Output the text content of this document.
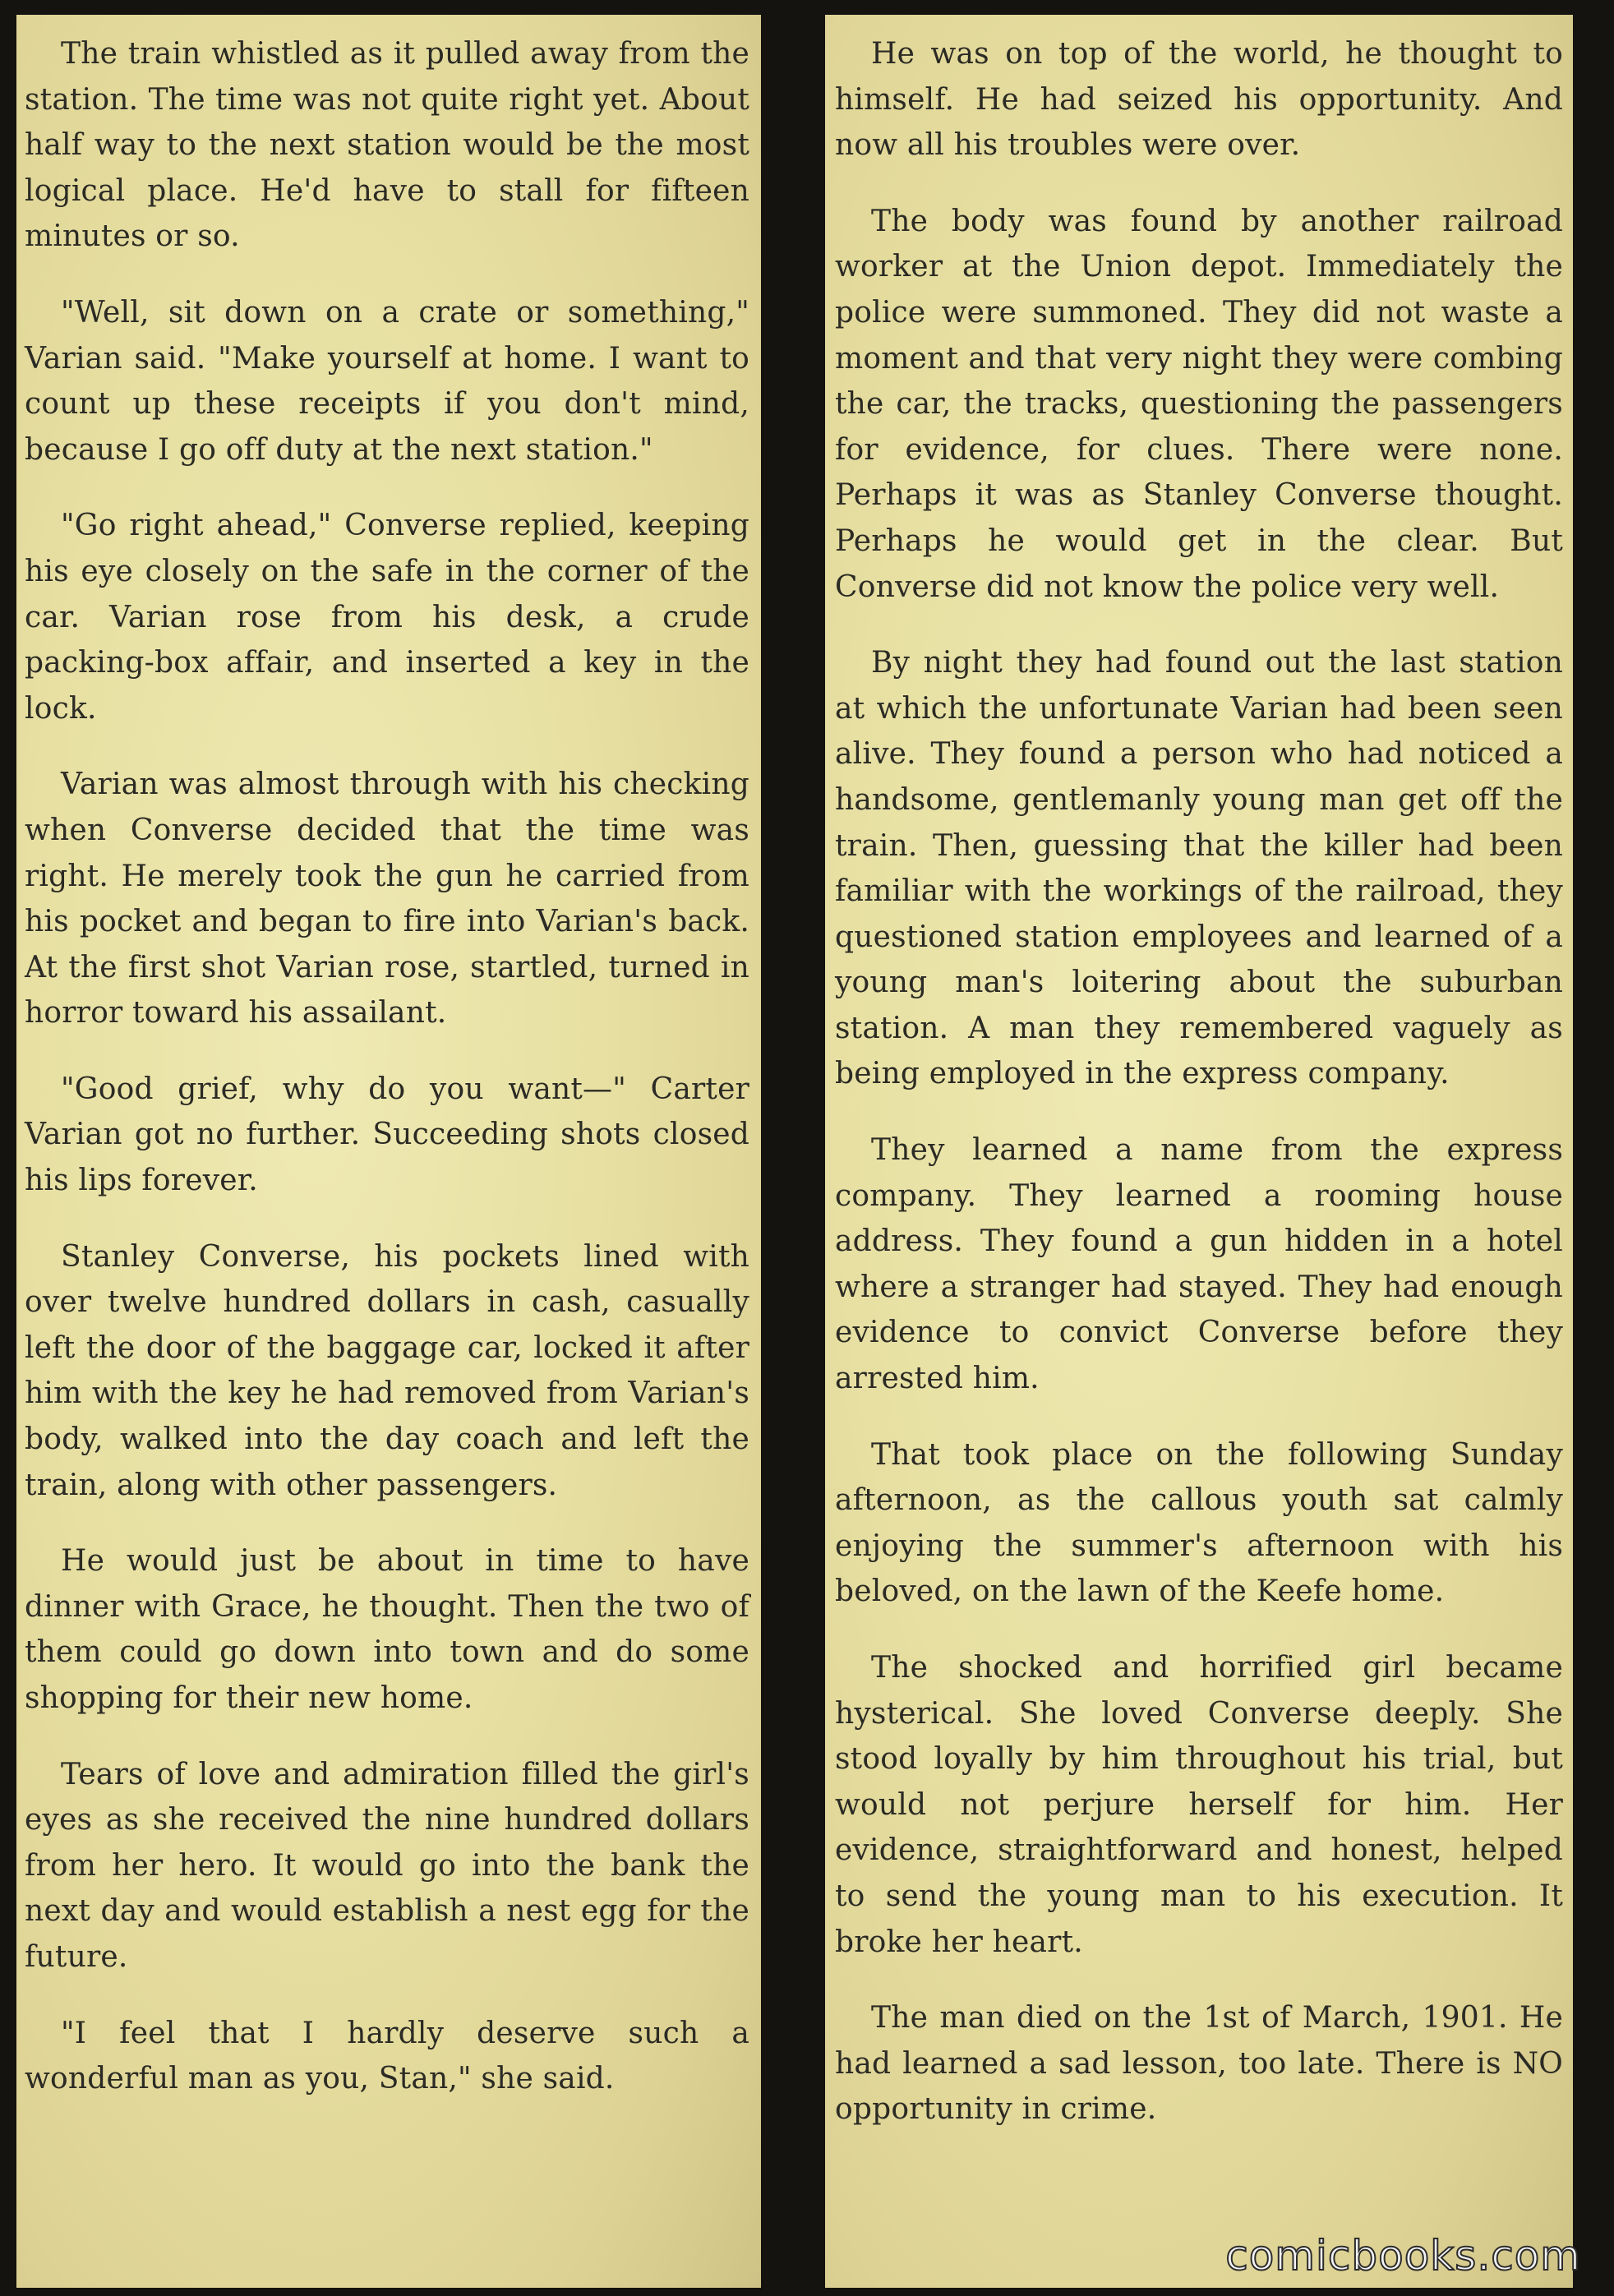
The train whistled as it pulled away from the station. The time was not quite right yet. About half way to the next station would be the most logical place. He'd have to stall for fifteen minutes or so.

"Well, sit down on a crate or something," Varian said. "Make yourself at home. I want to count up these receipts if you don't mind, because I go off duty at the next station."

"Go right ahead," Converse replied, keeping his eye closely on the safe in the corner of the car. Varian rose from his desk, a crude packing-box affair, and inserted a key in the lock.

Varian was almost through with his checking when Converse decided that the time was right. He merely took the gun he carried from his pocket and began to fire into Varian's back. At the first shot Varian rose, startled, turned in horror toward his assailant.

"Good grief, why do you want—" Carter Varian got no further. Succeeding shots closed his lips forever.

Stanley Converse, his pockets lined with over twelve hundred dollars in cash, casually left the door of the baggage car, locked it after him with the key he had removed from Varian's body, walked into the day coach and left the train, along with other passengers.

He would just be about in time to have dinner with Grace, he thought. Then the two of them could go down into town and do some shopping for their new home.

Tears of love and admiration filled the girl's eyes as she received the nine hundred dollars from her hero. It would go into the bank the next day and would establish a nest egg for the future.

"I feel that I hardly deserve such a wonderful man as you, Stan," she said.

He was on top of the world, he thought to himself. He had seized his opportunity. And now all his troubles were over.

The body was found by another railroad worker at the Union depot. Immediately the police were summoned. They did not waste a moment and that very night they were combing the car, the tracks, questioning the passengers for evidence, for clues. There were none. Perhaps it was as Stanley Converse thought. Perhaps he would get in the clear. But Converse did not know the police very well.

By night they had found out the last station at which the unfortunate Varian had been seen alive. They found a person who had noticed a handsome, gentlemanly young man get off the train. Then, guessing that the killer had been familiar with the workings of the railroad, they questioned station employees and learned of a young man's loitering about the suburban station. A man they remembered vaguely as being employed in the express company.

They learned a name from the express company. They learned a rooming house address. They found a gun hidden in a hotel where a stranger had stayed. They had enough evidence to convict Converse before they arrested him.

That took place on the following Sunday afternoon, as the callous youth sat calmly enjoying the summer's afternoon with his beloved, on the lawn of the Keefe home.

The shocked and horrified girl became hysterical. She loved Converse deeply. She stood loyally by him throughout his trial, but would not perjure herself for him. Her evidence, straightforward and honest, helped to send the young man to his execution. It broke her heart.

The man died on the 1st of March, 1901. He had learned a sad lesson, too late. There is NO opportunity in crime.

comicbooks.com
